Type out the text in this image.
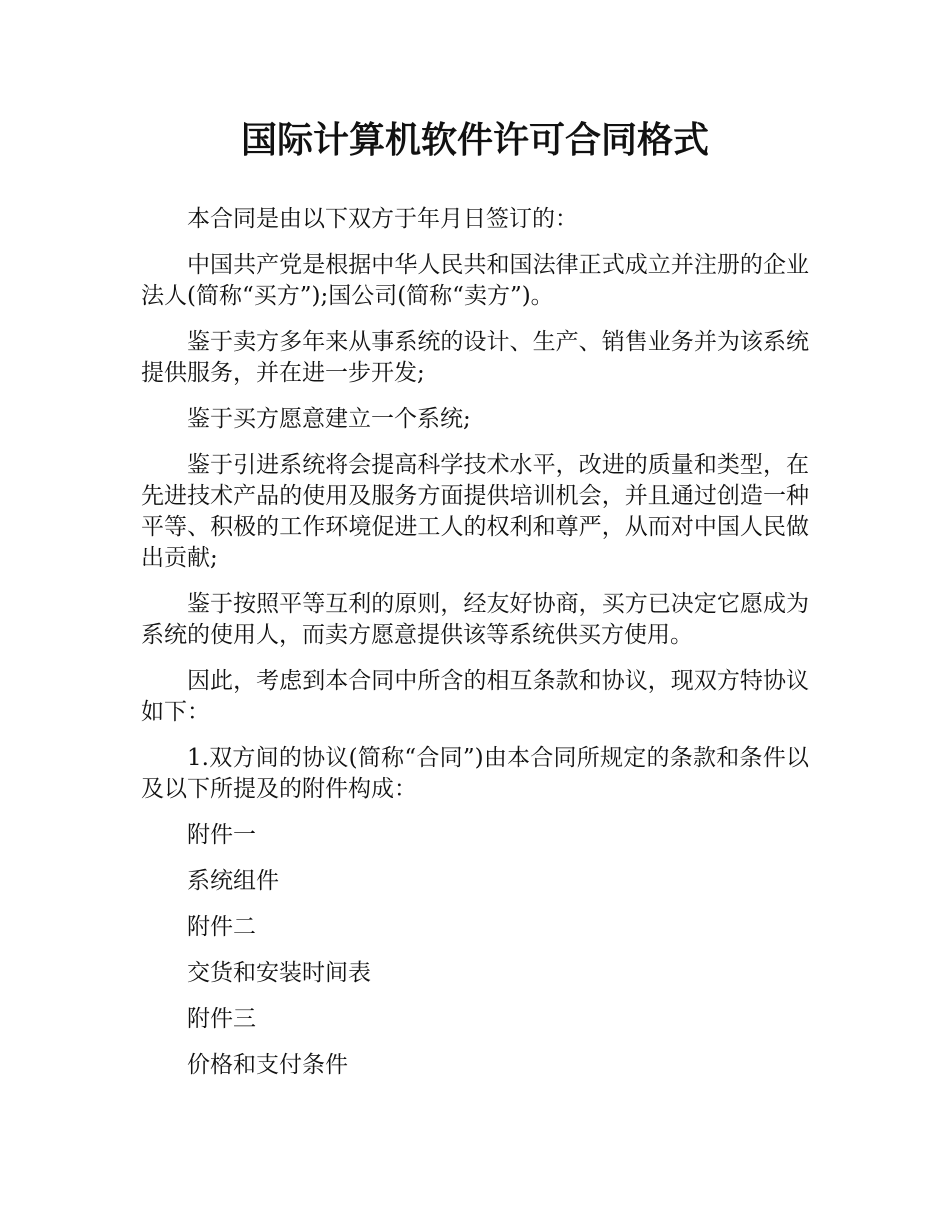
国际计算机软件许可合同格式

本合同是由以下双方于年月日签订的：

中国共产党是根据中华人民共和国法律正式成立并注册的企业法人(简称“买方”);国公司(简称“卖方”)。

鉴于卖方多年来从事系统的设计、生产、销售业务并为该系统提供服务，并在进一步开发;

鉴于买方愿意建立一个系统;

鉴于引进系统将会提高科学技术水平，改进的质量和类型，在先进技术产品的使用及服务方面提供培训机会，并且通过创造一种平等、积极的工作环境促进工人的权利和尊严，从而对中国人民做出贡献;

鉴于按照平等互利的原则，经友好协商，买方已决定它愿成为系统的使用人，而卖方愿意提供该等系统供买方使用。

因此，考虑到本合同中所含的相互条款和协议，现双方特协议如下：

1.双方间的协议(简称“合同”)由本合同所规定的条款和条件以及以下所提及的附件构成：

附件一

系统组件

附件二

交货和安装时间表

附件三

价格和支付条件
